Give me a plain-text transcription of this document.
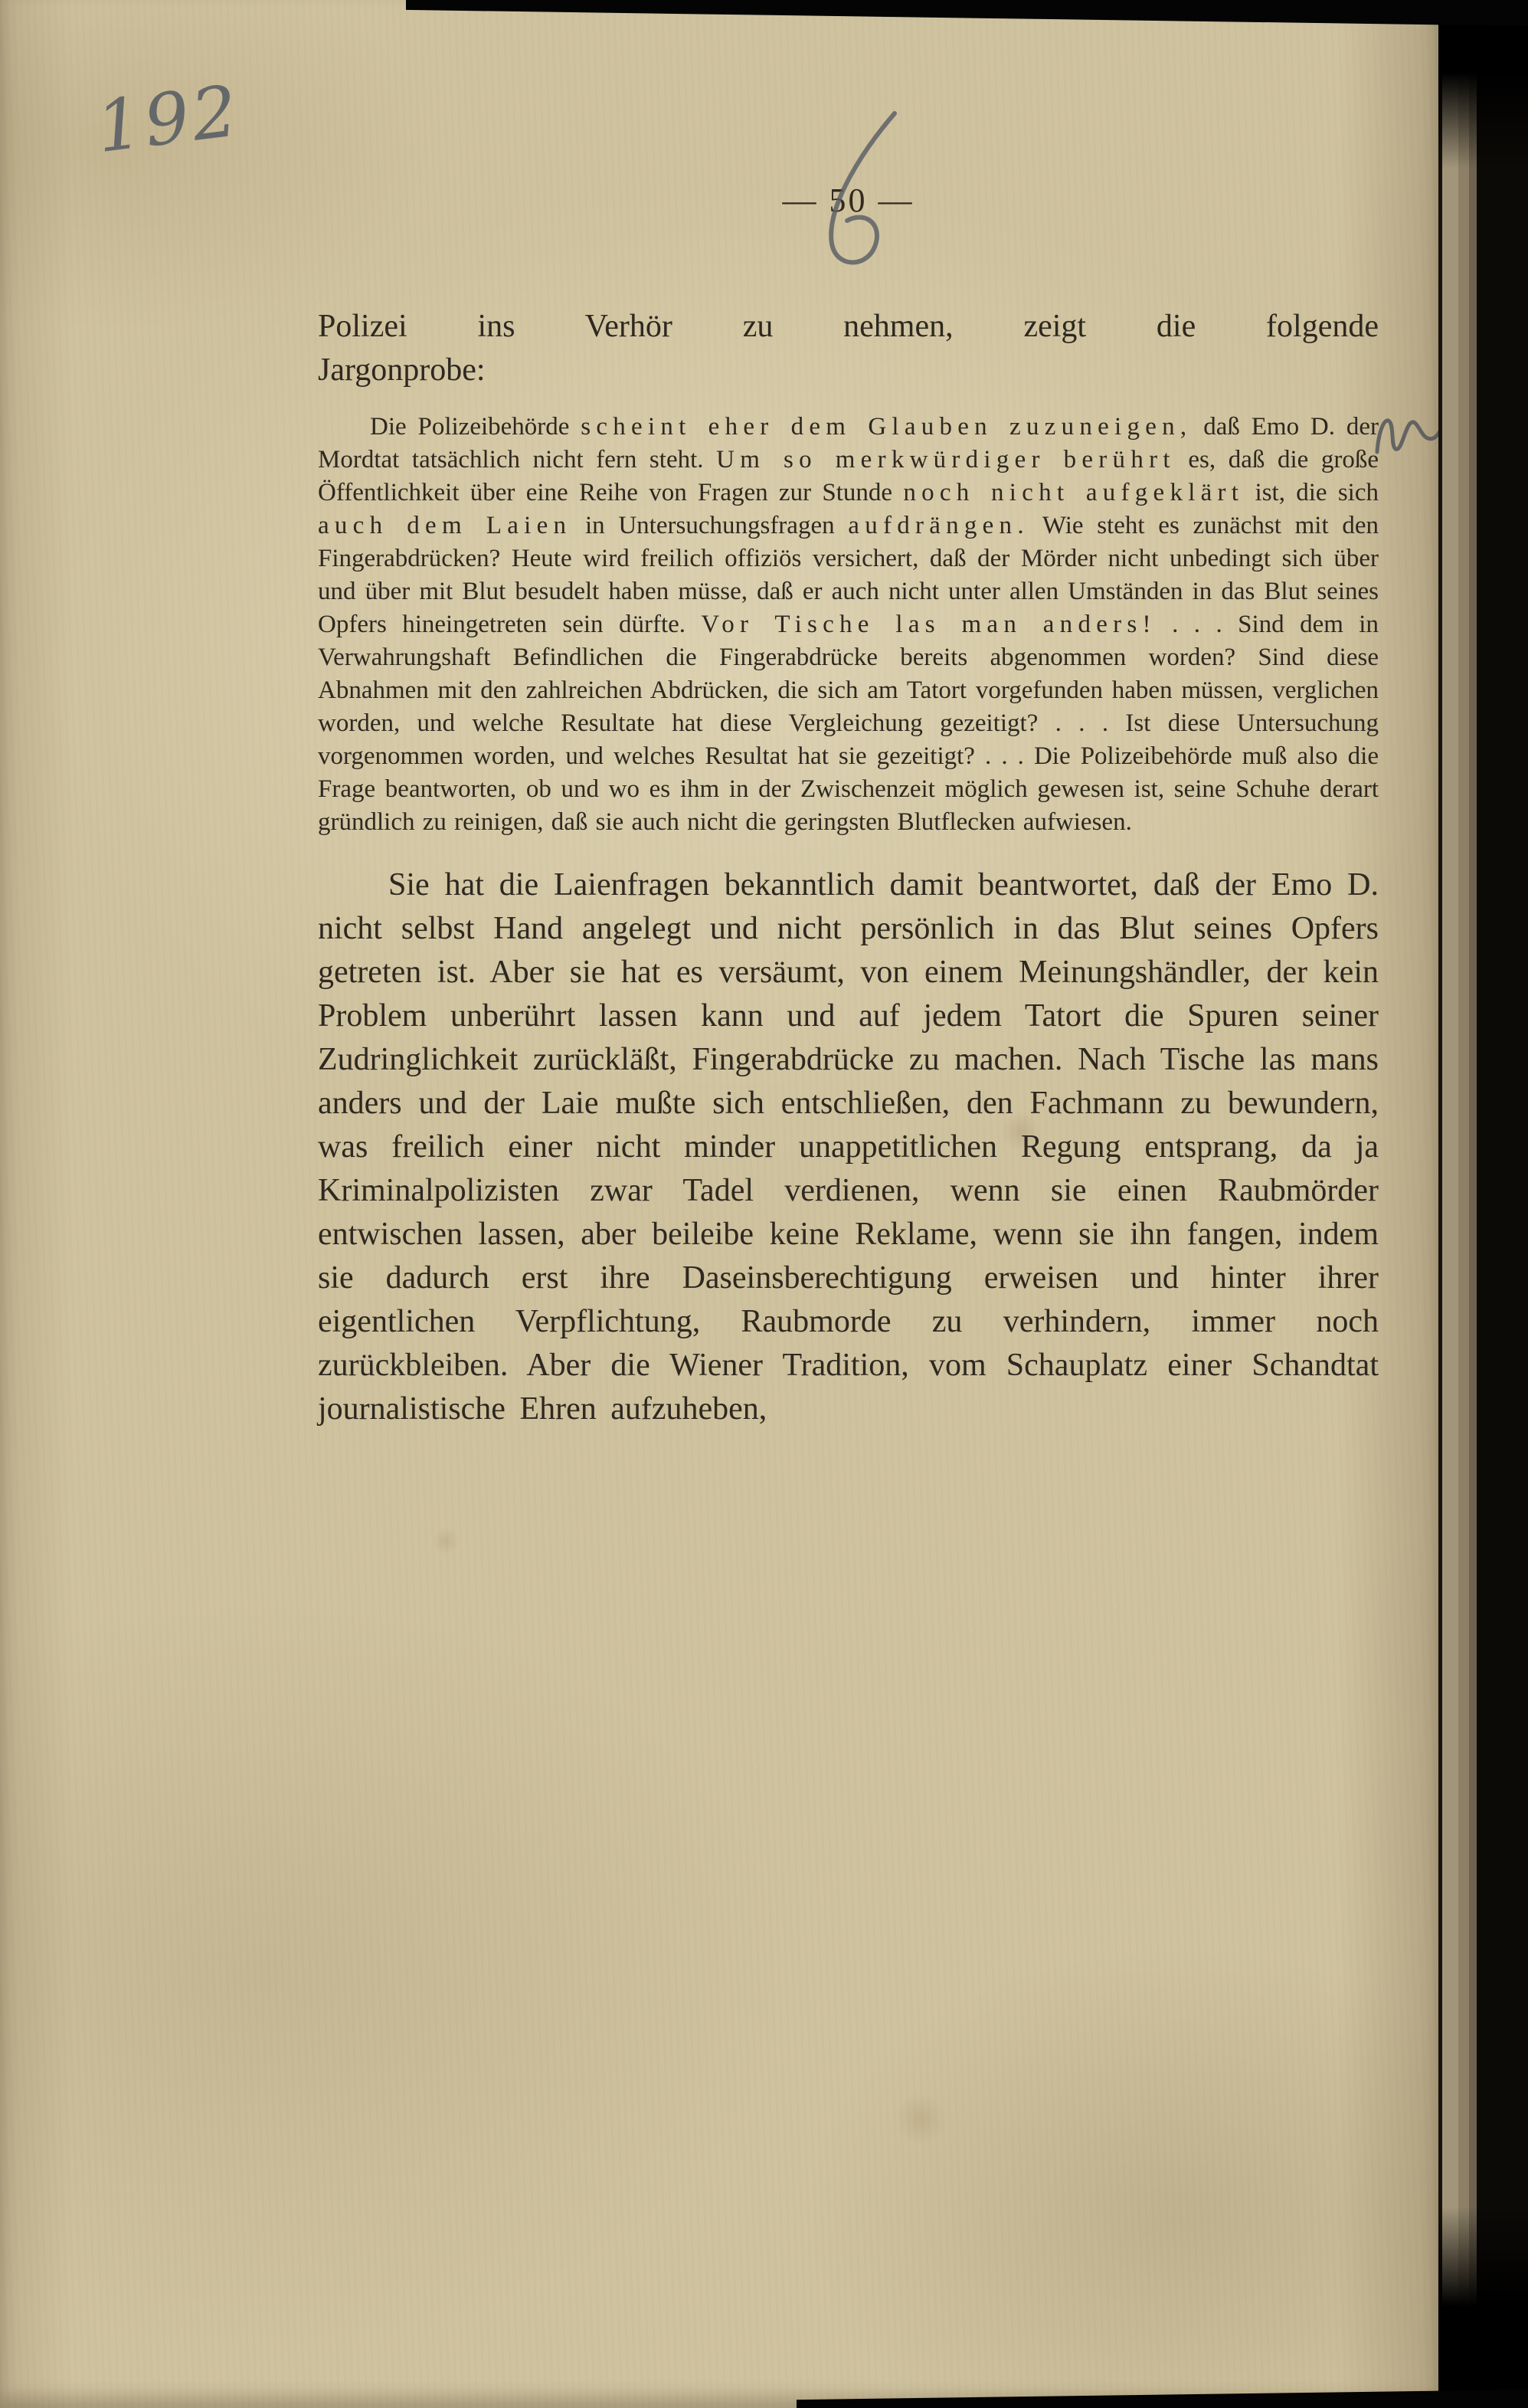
192
— 50 —

Polizei ins Verhör zu nehmen, zeigt die folgende
Jargonprobe:

Die Polizeibehörde scheint eher dem Glauben zuzuneigen, daß Emo D. der Mordtat tatsächlich nicht fern steht. Um so merkwürdiger berührt es, daß die große Öffentlichkeit über eine Reihe von Fragen zur Stunde noch nicht aufgeklärt ist, die sich auch dem Laien in Untersuchungsfragen aufdrängen. Wie steht es zunächst mit den Fingerabdrücken? Heute wird freilich offiziös versichert, daß der Mörder nicht unbedingt sich über und über mit Blut besudelt haben müsse, daß er auch nicht unter allen Umständen in das Blut seines Opfers hineingetreten sein dürfte. Vor Tische las man anders! . . . Sind dem in Verwahrungshaft Befindlichen die Fingerabdrücke bereits abgenommen worden? Sind diese Abnahmen mit den zahlreichen Abdrücken, die sich am Tatort vorgefunden haben müssen, verglichen worden, und welche Resultate hat diese Vergleichung gezeitigt? . . . Ist diese Untersuchung vorgenommen worden, und welches Resultat hat sie gezeitigt? . . . Die Polizeibehörde muß also die Frage beantworten, ob und wo es ihm in der Zwischenzeit möglich gewesen ist, seine Schuhe derart gründlich zu reinigen, daß sie auch nicht die geringsten Blutflecken aufwiesen.

Sie hat die Laienfragen bekanntlich damit beantwortet, daß der Emo D. nicht selbst Hand angelegt und nicht persönlich in das Blut seines Opfers getreten ist. Aber sie hat es versäumt, von einem Meinungshändler, der kein Problem unberührt lassen kann und auf jedem Tatort die Spuren seiner Zudringlichkeit zurückläßt, Fingerabdrücke zu machen. Nach Tische las mans anders und der Laie mußte sich entschließen, den Fachmann zu bewundern, was freilich einer nicht minder unappetitlichen Regung entsprang, da ja Kriminalpolizisten zwar Tadel verdienen, wenn sie einen Raubmörder entwischen lassen, aber beileibe keine Reklame, wenn sie ihn fangen, indem sie dadurch erst ihre Daseinsberechtigung erweisen und hinter ihrer eigentlichen Verpflichtung, Raubmorde zu verhindern, immer noch zurückbleiben. Aber die Wiener Tradition, vom Schauplatz einer Schandtat journalistische Ehren aufzuheben,
